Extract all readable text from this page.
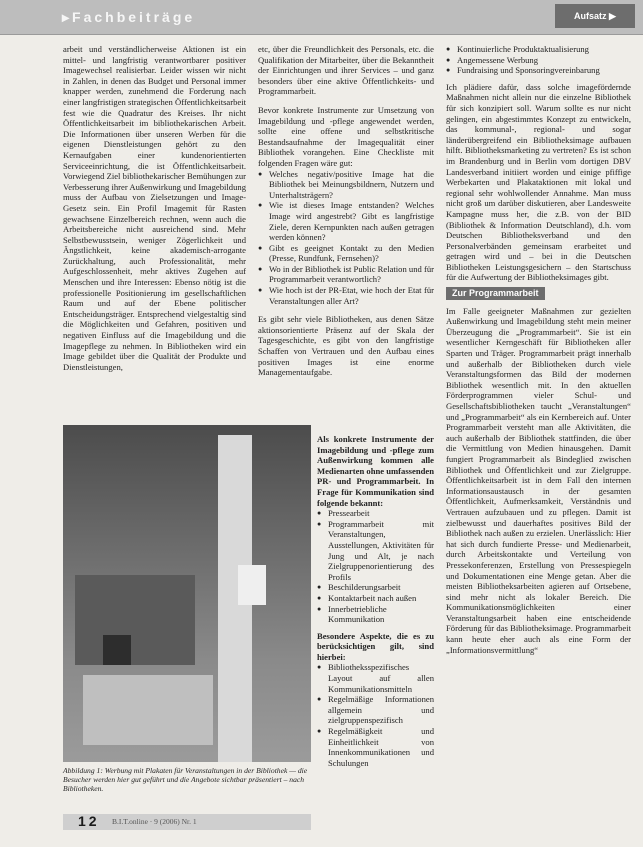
▸Fachbeiträge	Aufsatz ▶

arbeit und verständlicherweise Aktionen ist ein mittel- und langfristig verantwortbarer positiver Imagewechsel realisierbar. Leider wissen wir nicht in Zahlen, in denen das Budget und Personal immer knapper werden, zunehmend die Forderung nach einer langfristigen strategischen Öffentlichkeitsarbeit fest wie die Quadratur des Kreises. Ihr nicht Öffentlichkeitsarbeit im bibliothekarischen Arbeit. Die Informationen über unseren Werben für die eigenen Dienstleistungen gehört zu den Kernaufgaben einer kundenorientierten Serviceeinrichtung, die ist Öffentlichkeitsarbeit. Vorwiegend Ziel bibliothekarischer Bemühungen zur Verbesserung ihrer Außenwirkung und Imagebildung muss der Aufbau von Zielsetzungen und Image-Gesetz sein. Ein Profil Imagemit für Rasten gewachsene Einzelbereich rechnen, wenn auch die Arbeitsbereiche nicht ausreichend sind. Mehr Selbstbewusstsein, weniger Zögerlichkeit und Ängstlichkeit, keine akademisch-arrogante Zurückhaltung, auch Professionalität, mehr Aufgeschlossenheit, mehr aktives Zugehen auf Menschen und ihre Interessen: Ebenso nötig ist die professionelle Positionierung im gesellschaftlichen Raum und auf der Ebene politischer Entscheidungsträger. Entsprechend vielgestaltig sind die Möglichkeiten und Gefahren, positiven und negativen Einfluss auf die Imagebildung und die Imagepflege zu nehmen. In Bibliotheken wird ein Image gebildet über die Qualität der Produkte und Dienstleistungen,

etc, über die Freundlichkeit des Personals, etc. die Qualifikation der Mitarbeiter, über die Bekanntheit der Einrichtungen und ihrer Services – und ganz besonders über eine aktive Öffentlichkeits- und Programmarbeit.

Bevor konkrete Instrumente zur Umsetzung von Imagebildung und -pflege angewendet werden, sollte eine offene und selbstkritische Bestandsaufnahme der Imagequalität einer Bibliothek vorangehen. Eine Checkliste mit folgenden Fragen wäre gut:

● Welches negativ/positive Image hat die Bibliothek bei Meinungsbildnern, Nutzern und Unterhaltsträgern?
● Wie ist dieses Image entstanden? Welches Image wird angestrebt? Gibt es langfristige Ziele, deren Kernpunkten nach außen getragen werden können?
● Gibt es geeignet Kontakt zu den Medien (Presse, Rundfunk, Fernsehen)?
● Wo in der Bibliothek ist Public Relation und für Programmarbeit verantwortlich?
● Wie hoch ist der PR-Etat, wie hoch der Etat für Veranstaltungen aller Art?

Es gibt sehr viele Bibliotheken, aus denen Sätze aktionsorientierte Präsenz auf der Skala der Tagesgeschichte, es gibt von den langfristige Schaffen von Vertrauen und den Aufbau eines positiven Images ist eine enorme Managementaufgabe.

Abbildung 1: Werbung mit Plakaten für Veranstaltungen in der Bibliothek — die Besucher werden hier gut geführt und die Angebote sichtbar präsentiert – nach Bibliotheken.

Als konkrete Instrumente der Imagebildung und -pflege zum Außenwirkung kommen alle Medienarten ohne umfassenden PR- und Programmarbeit. In Frage für Kommunikation sind folgende bekannt:

● Pressearbeit
● Programmarbeit mit Veranstaltungen, Ausstellungen, Aktivitäten für Jung und Alt, je nach Zielgruppenorientierung des Profils
● Beschilderungsarbeit
● Kontaktarbeit nach außen
● Innerbetriebliche Kommunikation

Besondere Aspekte, die es zu berücksichtigen gilt, sind hierbei:

● Bibliotheksspezifisches Layout auf allen Kommunikationsmitteln
● Regelmäßige Informationen allgemein und zielgruppenspezifisch
● Regelmäßigkeit und Einheitlichkeit von Innenkommunikationen und Schulungen
● Kontinuierliche Produktaktualisierung
● Angemessene Werbung
● Fundraising und Sponsoringvereinbarung

Ich plädiere dafür, dass solche imagefördernde Maßnahmen nicht allein nur die einzelne Bibliothek für sich konzipiert soll. Warum sollte es nur nicht gelingen, ein abgestimmtes Konzept zu entwickeln, das kommunal-, regional- und sogar länderübergreifend ein Bibliotheksimage aufbauen hilft. Bibliotheksmarketing zu vertreten? Es ist schon im Brandenburg und in Berlin vom dortigen DBV Landesverband initiiert worden und einige pfiffige Werbekarten und Plakataktionen mit lokal und regional sehr wohlwollender Annahme. Man muss nicht groß um darüber diskutieren, aber Landesweite Kampagne muss her, die z.B. von der BID (Bibliothek & Information Deutschland), d.h. vom Deutschen Bibliotheksverband und den Personalverbänden gemeinsam erarbeitet und getragen wird und – bei in die Deutschen Bibliotheken Leistungsgesichern – den Startschuss für die Aufwertung der Bibliotheksimages gibt.

Zur Programmarbeit

Im Falle geeigneter Maßnahmen zur gezielten Außenwirkung und Imagebildung steht mein meiner Überzeugung die „Programmarbeit“. Sie ist ein wesentlicher Kerngeschäft für Bibliotheken aller Sparten und Träger. Programmarbeit prägt innerhalb und außerhalb der Bibliotheken durch viele Veranstaltungsformen das Bild der modernen Bibliothek wesentlich mit. In den aktuellen Förderprogrammen vieler Schul- und Gesellschaftsbibliotheken taucht „Veranstaltungen“ und „Programmarbeit“ als ein Kernbereich auf. Unter Programmarbeit versteht man alle Aktivitäten, die auch außerhalb der Bibliothek stattfinden, die über die Vermittlung von Medien hinausgehen. Damit fungiert Programmarbeit als Bindeglied zwischen Bibliothek und Öffentlichkeit und zur Zielgruppe. Öffentlichkeitsarbeit ist in dem Fall den internen Informationsaustausch in der gesamten Öffentlichkeit, Aufmerksamkeit, Verständnis und Vertrauen aufzubauen und zu pflegen. Damit ist zielbewusst und dauerhaftes positives Bild der Bibliothek nach außen zu erzielen. Unerlässlich: Hier hat sich durch fundierte Presse- und Medienarbeit, durch Arbeitskontakte und Verteilung von Pressekonferenzen, Erstellung von Pressespiegeln und Dokumentationen eine Menge getan. Aber die meisten Bibliotheksarbeiten agieren auf Ortsebene, sind mehr nicht als lokaler Bereich. Die Kommunikationsmöglichkeiten einer Veranstaltungsarbeit haben eine entscheidende Förderung für das Bibliotheksimage. Programmarbeit kann heute eher auch als eine Form der „Informationsvermittlung“

12 B.I.T.online · 9 (2006) Nr. 1
